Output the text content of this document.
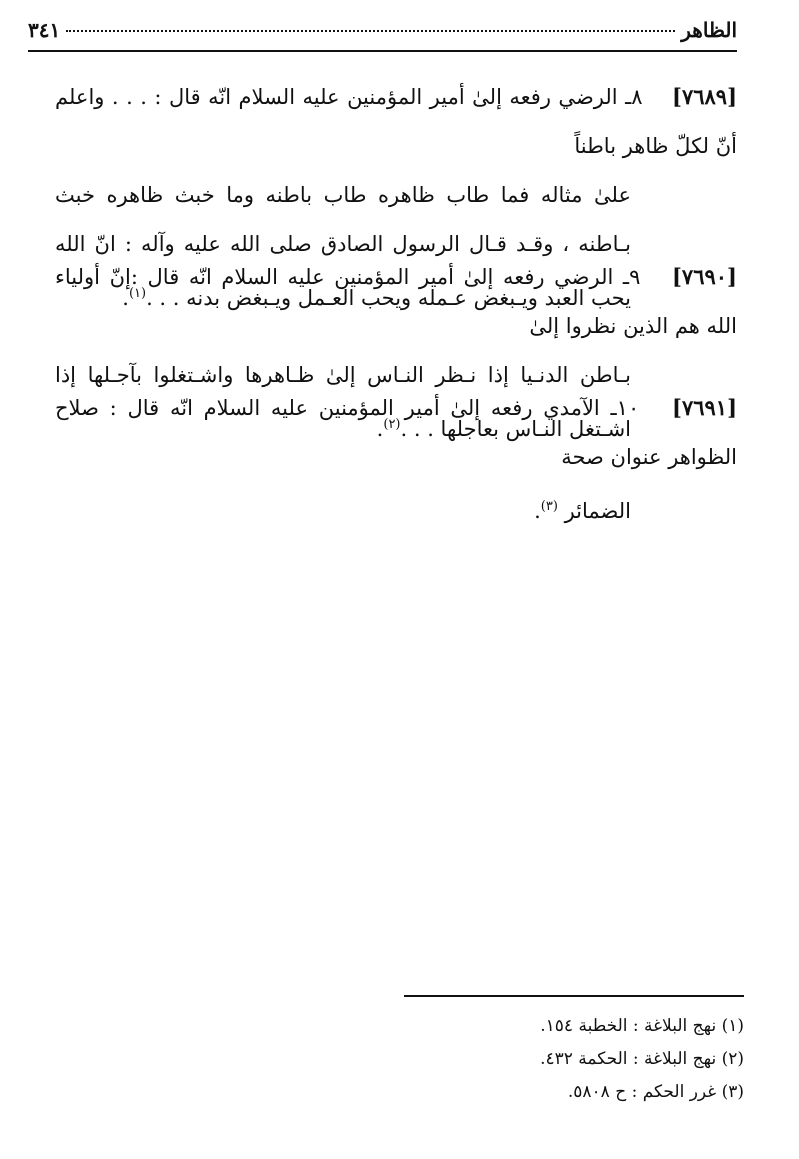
الظاهر
٣٤١

[٧٦٨٩] ٨ـ الرضي رفعه إلىٰ أمير المؤمنين عليه السلام انّه قال : . . . واعلم أنّ لكلّ ظاهر باطناً

علىٰ مثاله فما طاب ظاهره طاب باطنه وما خبث ظاهره خبث بـاطنه ، وقـد قـال الرسول الصادق صلى الله عليه وآله : انّ الله يحب العبد ويـبغض عـمله ويحب العـمل ويـبغض بدنه . . .$^{(١)}$.

[٧٦٩٠] ٩ـ الرضي رفعه إلىٰ أمير المؤمنين عليه السلام انّه قال :إنّ أولياء الله هم الذين نظروا إلىٰ

بـاطن الدنـيا إذا نـظر النـاس إلىٰ ظـاهرها واشـتغلوا بآجـلها إذا اشـتغل النـاس بعاجلها . . .$^{(٢)}$.

[٧٦٩١] ١٠ـ الآمدي رفعه إلىٰ أمير المؤمنين عليه السلام انّه قال : صلاح الظواهر عنوان صحة

الضمائر $^{(٣)}$.

(١) نهج البلاغة : الخطبة ١٥٤.
(٢) نهج البلاغة : الحكمة ٤٣٢.
(٣) غرر الحكم : ح ٥٨٠٨.
